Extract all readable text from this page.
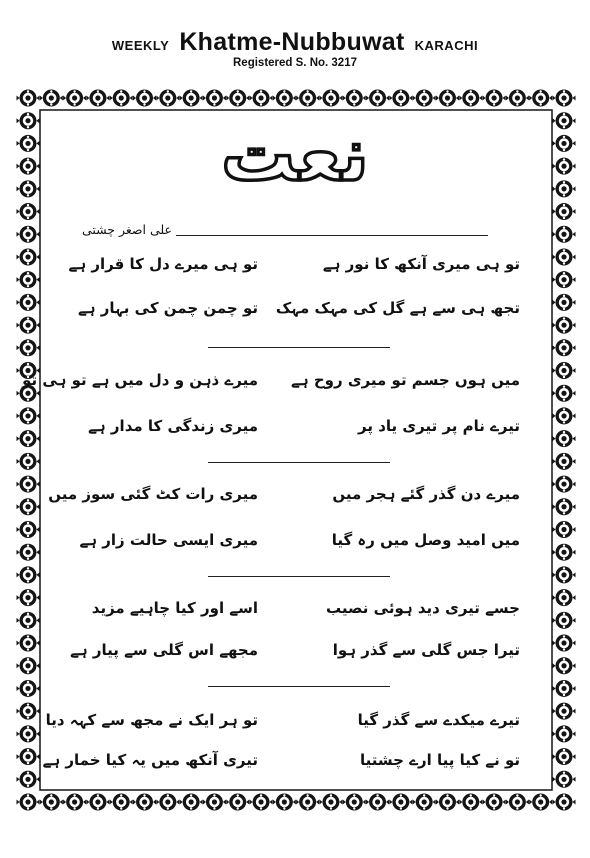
WEEKLY Khatme-Nubbuwat KARACHI
Registered S. No. 3217
نعت
علی اصغر چشتی
تو ہی میری آنکھ کا نور ہے
تو ہی میرے دل کا قرار ہے
تجھ ہی سے ہے گل کی مہک مہک
تو چمن چمن کی بہار ہے
میں ہوں جسم تو میری روح ہے
میرے ذہن و دل میں ہے تو ہی تو
تیرے نام پر تیری یاد پر
میری زندگی کا مدار ہے
میرے دن گذر گئے ہجر میں
میری رات کٹ گئی سوز میں
میں امید وصل میں رہ گیا
میری ایسی حالت زار ہے
جسے تیری دید ہوئی نصیب
اسے اور کیا چاہیے مزید
تیرا جس گلی سے گذر ہوا
مجھے اس گلی سے پیار ہے
تیرے میکدے سے گذر گیا
تو ہر ایک نے مجھ سے کہہ دیا
تو نے کیا پیا ارے چشتیا
تیری آنکھ میں یہ کیا خمار ہے
